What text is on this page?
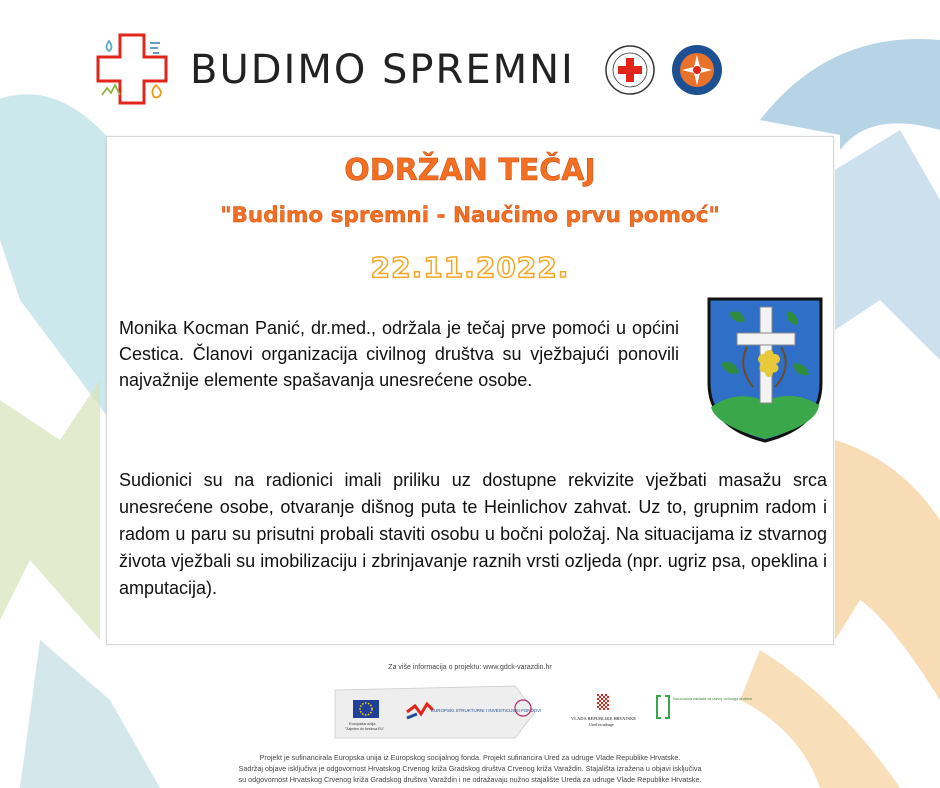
BUDIMO SPREMNI
ODRŽAN TEČAJ
"Budimo spremni - Naučimo prvu pomoć"
22.11.2022.
Monika Kocman Panić, dr.med., održala je tečaj prve pomoći u općini Cestica. Članovi organizacija civilnog društva su vježbajući ponovili najvažnije elemente spašavanja unesrećene osobe.
Sudionici su na radionici imali priliku uz dostupne rekvizite vježbati masažu srca unesrećene osobe, otvaranje dišnog puta te Heinlichov zahvat. Uz to, grupnim radom i radom u paru su prisutni probali staviti osobu u bočni položaj. Na situacijama iz stvarnog života vježbali su imobilizaciju i zbrinjavanje raznih vrsti ozljeda (npr. ugriz psa, opeklina i amputacija).
Za više informacija o projektu: www.gdck-varazdin.hr
Europska unija
"Zajedno do fondova EU"
EUROPSKI STRUKTURNI I INVESTICIJSKI FONDOVI
VLADA REPUBLIKE HRVATSKE
Ured za udruge
Nacionalna zaklada za razvoj civilnoga društva
Projekt je sufinancirala Europska unija iz Europskog socijalnog fonda. Projekt sufinancira Ured za udruge Vlade Republike Hrvatske.
Sadržaj objave isključiva je odgovornost Hrvatskog Crvenog križa Gradskog društva Crvenog križa Varaždin. Stajališta izražena u objavi isključiva
su odgovornost Hrvatskog Crvenog križa Gradskog društva Varaždin i ne odražavaju nužno stajalište Ureda za udruge Vlade Republike Hrvatske.
